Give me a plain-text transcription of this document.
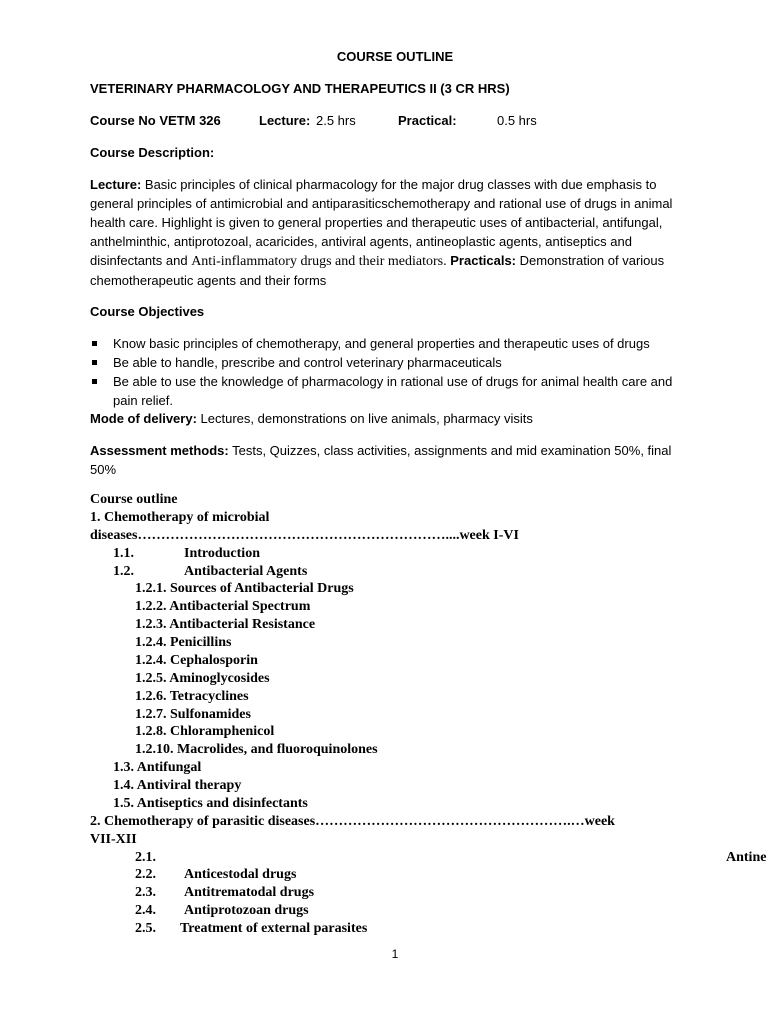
COURSE OUTLINE
VETERINARY PHARMACOLOGY AND THERAPEUTICS II (3 CR HRS)
Course No VETM 326	Lecture: 2.5 hrs	Practical:	0.5 hrs
Course Description:

Lecture: Basic principles of clinical pharmacology for the major drug classes with due emphasis to general principles of antimicrobial and antiparasiticschemotherapy and rational use of drugs in animal health care. Highlight is given to general properties and therapeutic uses of antibacterial, antifungal, anthelminthic, antiprotozoal, acaricides, antiviral agents, antineoplastic agents, antiseptics and disinfectants and Anti-inflammatory drugs and their mediators. Practicals: Demonstration of various chemotherapeutic agents and their forms

Course Objectives
Know basic principles of chemotherapy, and general properties and therapeutic uses of drugs
Be able to handle, prescribe and control veterinary pharmaceuticals
Be able to use the knowledge of pharmacology in rational use of drugs for animal health care and pain relief.

Mode of delivery: Lectures, demonstrations on live animals, pharmacy visits

Assessment methods: Tests, Quizzes, class activities, assignments and mid examination 50%, final 50%

Course outline
1. Chemotherapy of microbial
diseases…………………………………………………………....week I-VI
1.1.	Introduction
1.2.	Antibacterial Agents
1.2.1. Sources of Antibacterial Drugs
1.2.2. Antibacterial Spectrum
1.2.3. Antibacterial Resistance
1.2.4. Penicillins
1.2.4. Cephalosporin
1.2.5. Aminoglycosides
1.2.6. Tetracyclines
1.2.7. Sulfonamides
1.2.8. Chloramphenicol
1.2.10. Macrolides, and fluoroquinolones
1.3. Antifungal
1.4. Antiviral therapy
1.5. Antiseptics and disinfectants
2. Chemotherapy of parasitic diseases……………………………………………….…week
VII-XII
2.1.	Antine
2.2. Anticestodal drugs
2.3. Antitrematodal drugs
2.4. Antiprotozoan drugs
2.5. Treatment of external parasites
1
